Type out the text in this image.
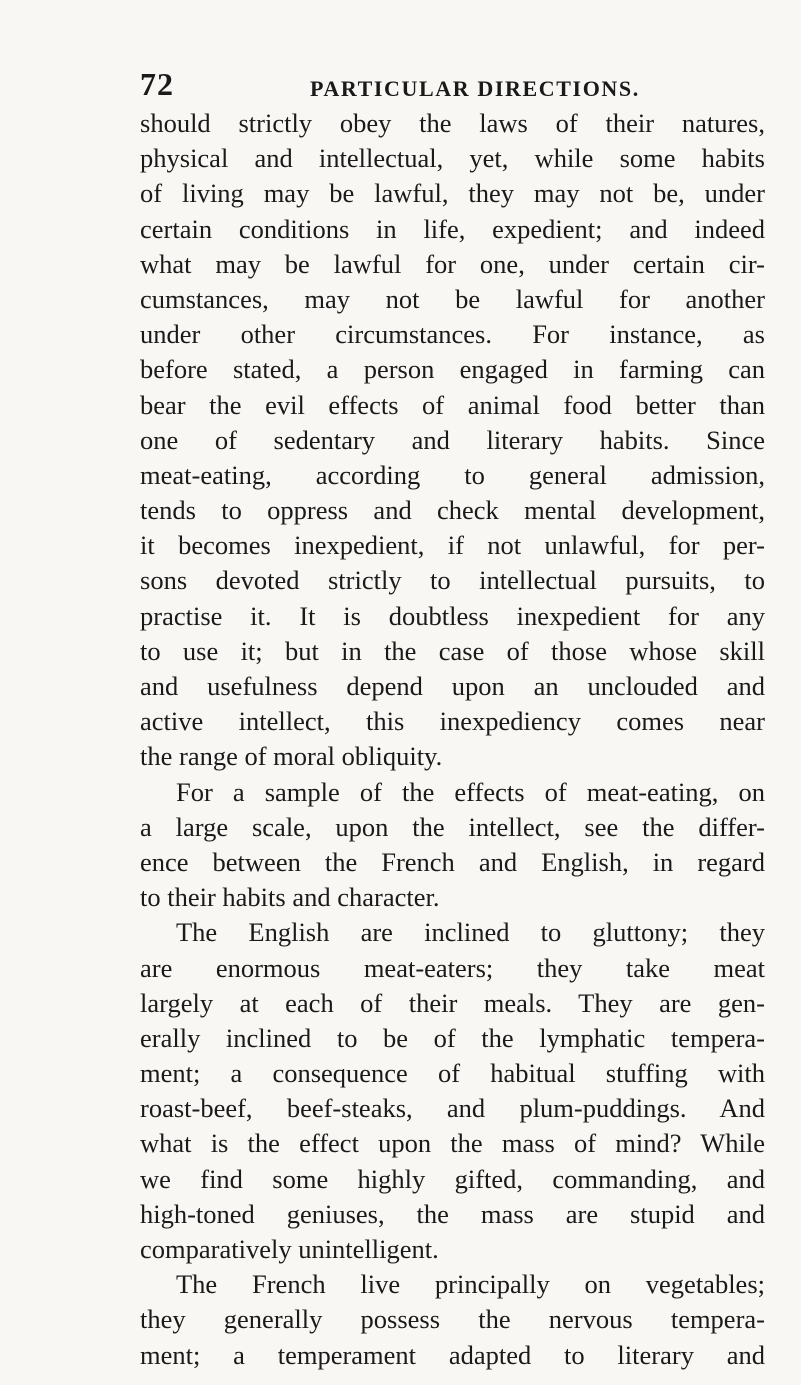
72	PARTICULAR DIRECTIONS.
should strictly obey the laws of their natures,
physical and intellectual, yet, while some habits
of living may be lawful, they may not be, under
certain conditions in life, expedient; and indeed
what may be lawful for one, under certain cir-
cumstances, may not be lawful for another
under other circumstances. For instance, as
before stated, a person engaged in farming can
bear the evil effects of animal food better than
one of sedentary and literary habits. Since
meat-eating, according to general admission,
tends to oppress and check mental development,
it becomes inexpedient, if not unlawful, for per-
sons devoted strictly to intellectual pursuits, to
practise it. It is doubtless inexpedient for any
to use it; but in the case of those whose skill
and usefulness depend upon an unclouded and
active intellect, this inexpediency comes near
the range of moral obliquity.
For a sample of the effects of meat-eating, on
a large scale, upon the intellect, see the differ-
ence between the French and English, in regard
to their habits and character.
The English are inclined to gluttony; they
are enormous meat-eaters; they take meat
largely at each of their meals. They are gen-
erally inclined to be of the lymphatic tempera-
ment; a consequence of habitual stuffing with
roast-beef, beef-steaks, and plum-puddings. And
what is the effect upon the mass of mind? While
we find some highly gifted, commanding, and
high-toned geniuses, the mass are stupid and
comparatively unintelligent.
The French live principally on vegetables;
they generally possess the nervous tempera-
ment; a temperament adapted to literary and
